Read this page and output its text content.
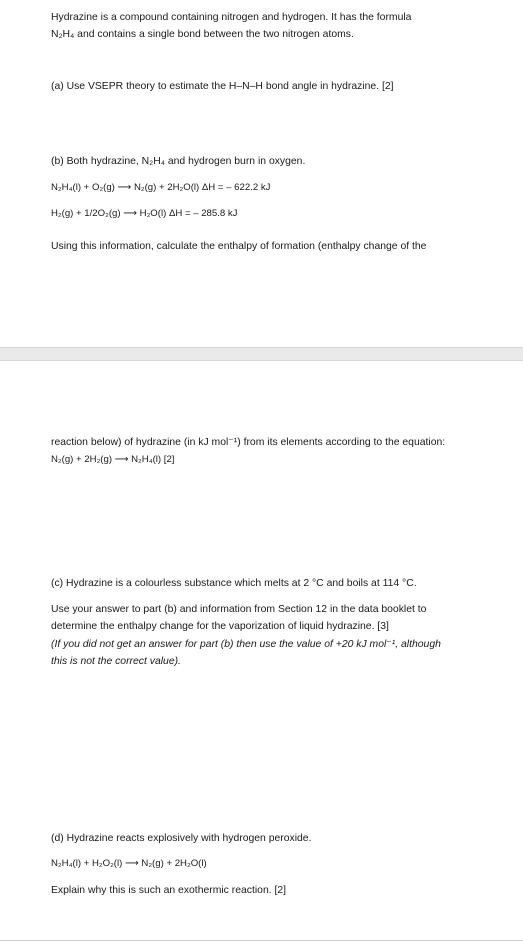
Hydrazine is a compound containing nitrogen and hydrogen. It has the formula
N₂H₄ and contains a single bond between the two nitrogen atoms.
(a) Use VSEPR theory to estimate the H–N–H bond angle in hydrazine. [2]
(b) Both hydrazine, N₂H₄ and hydrogen burn in oxygen.
N₂H₄(l) + O₂(g) ⟶ N₂(g) + 2H₂O(l) ΔH = – 622.2 kJ
H₂(g) + 1/2O₂(g) ⟶ H₂O(l) ΔH = – 285.8 kJ
Using this information, calculate the enthalpy of formation (enthalpy change of the
reaction below) of hydrazine (in kJ mol⁻¹) from its elements according to the equation:
N₂(g) + 2H₂(g) ⟶ N₂H₄(l) [2]
(c) Hydrazine is a colourless substance which melts at 2 °C and boils at 114 °C.
Use your answer to part (b) and information from Section 12 in the data booklet to
determine the enthalpy change for the vaporization of liquid hydrazine. [3]
(If you did not get an answer for part (b) then use the value of +20 kJ mol⁻¹, although
this is not the correct value).
(d) Hydrazine reacts explosively with hydrogen peroxide.
N₂H₄(l) + H₂O₂(l) ⟶ N₂(g) + 2H₂O(l)
Explain why this is such an exothermic reaction. [2]
